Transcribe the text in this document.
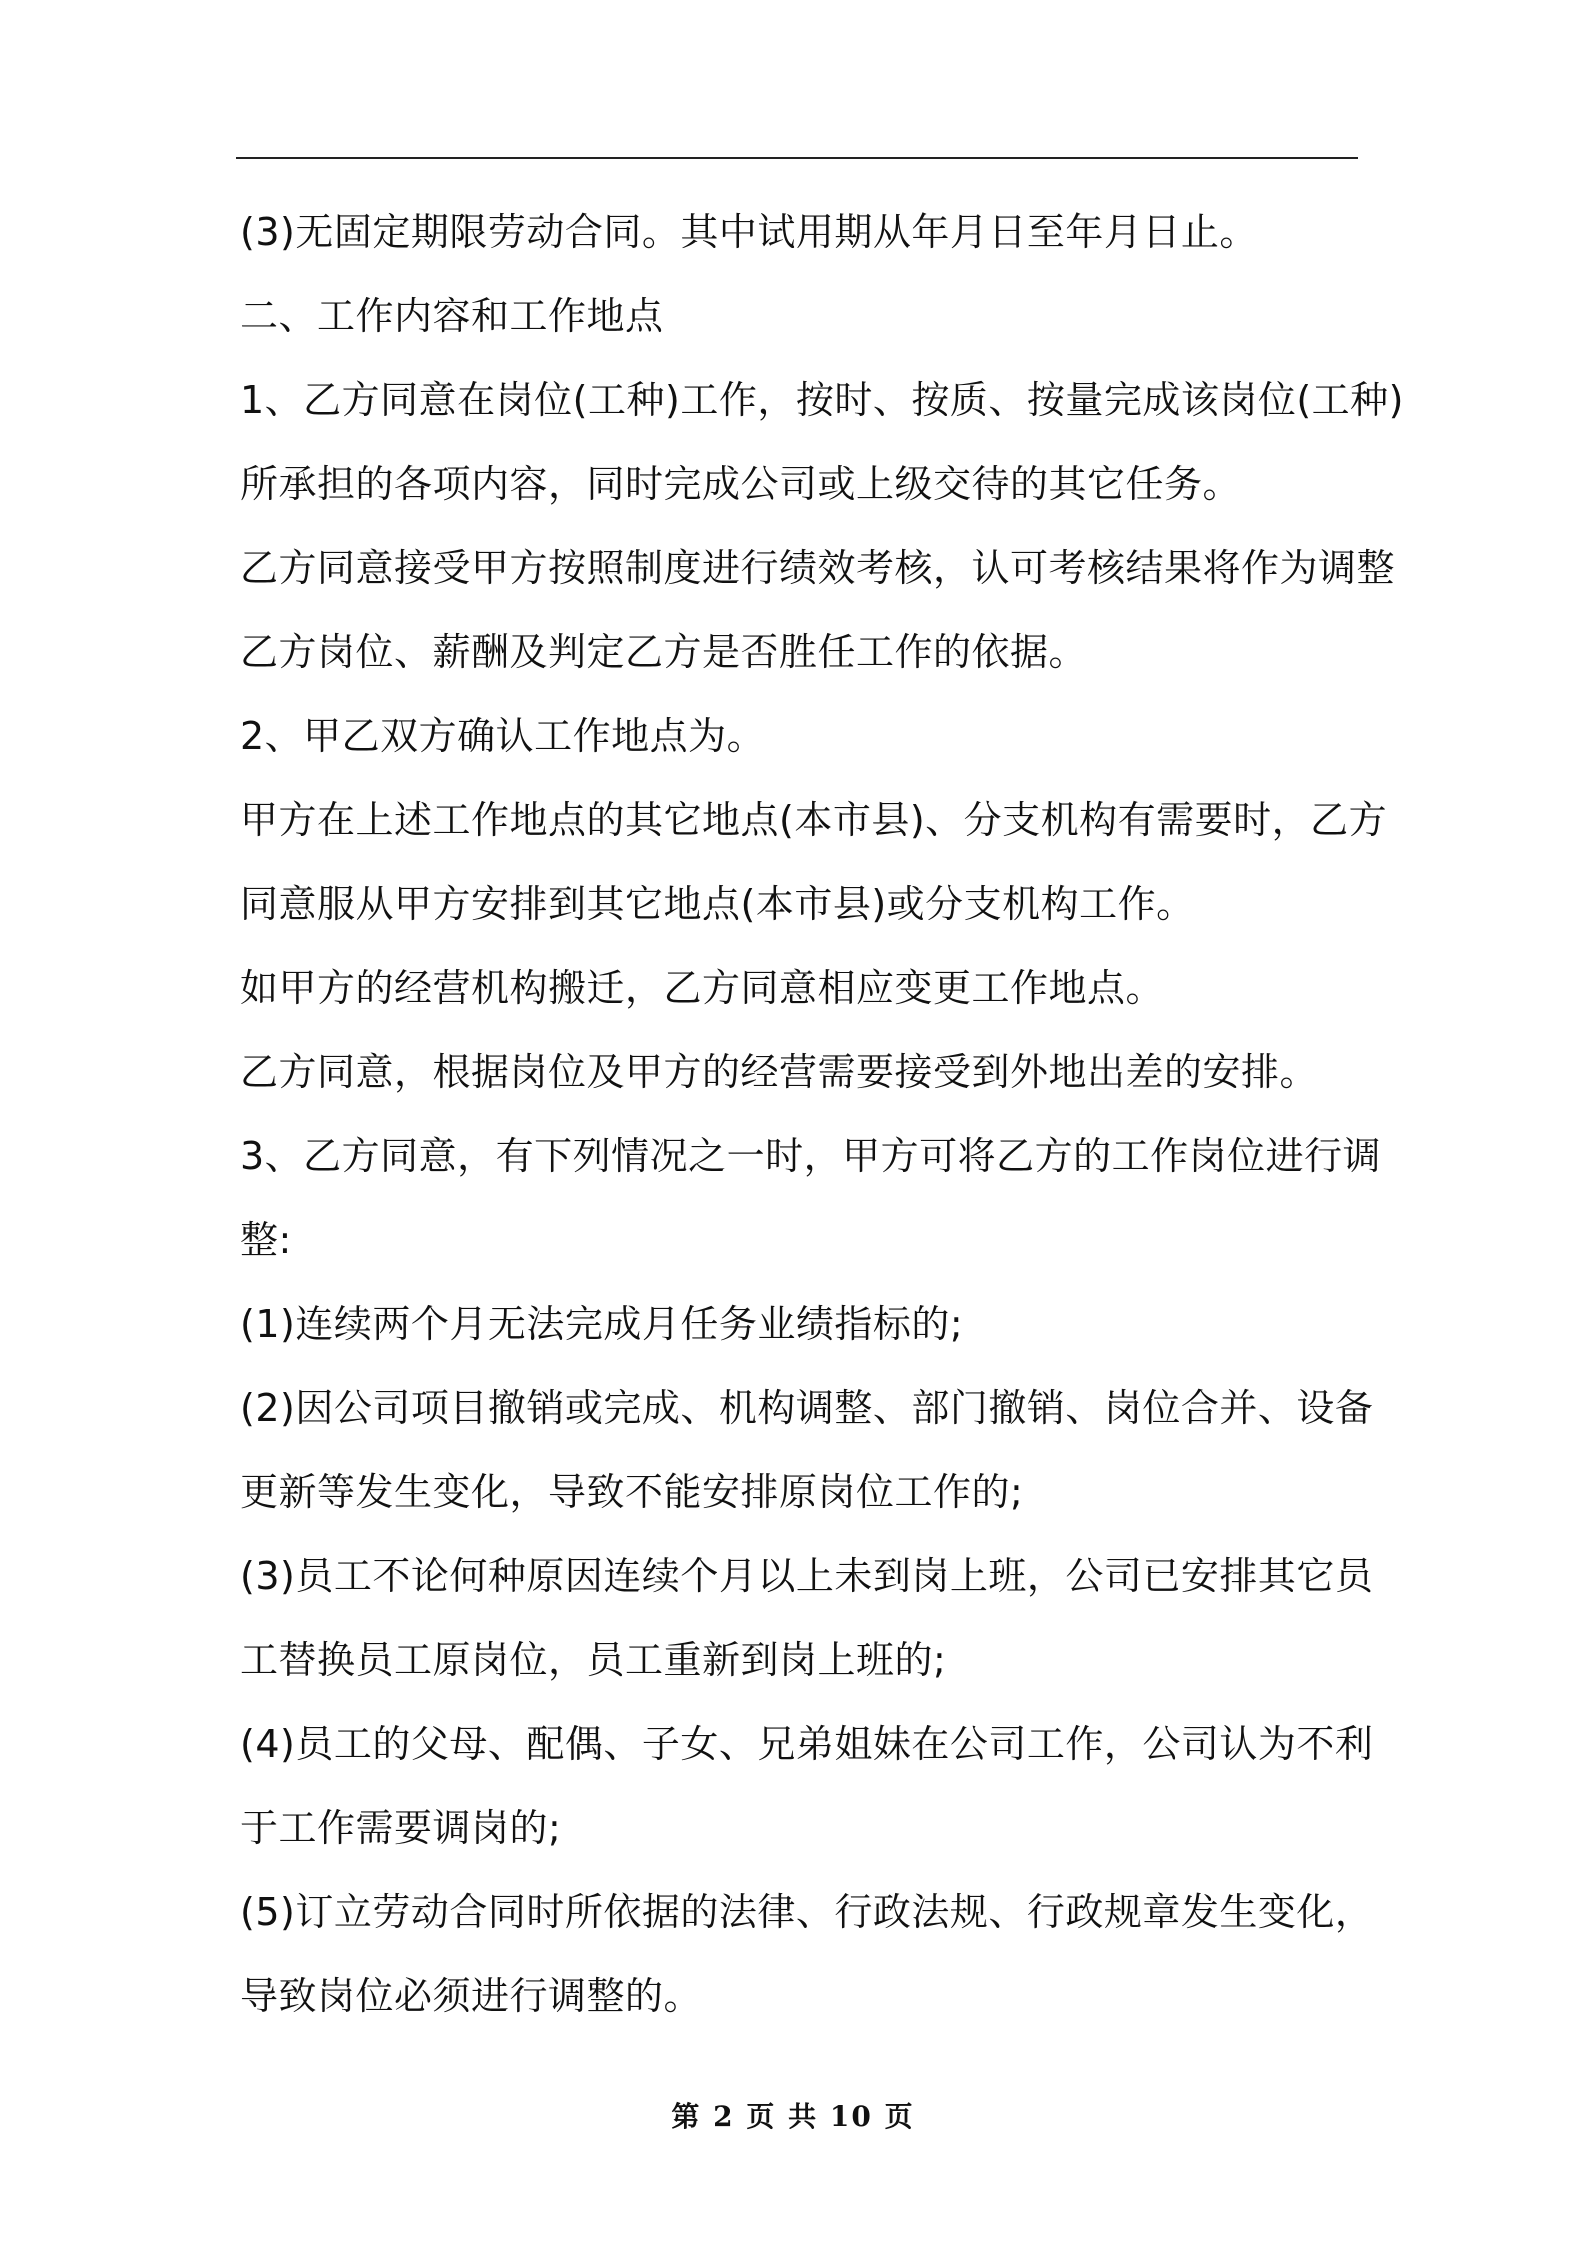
(3)无固定期限劳动合同。其中试用期从年月日至年月日止。
二、工作内容和工作地点
1、乙方同意在岗位(工种)工作，按时、按质、按量完成该岗位(工种)
所承担的各项内容，同时完成公司或上级交待的其它任务。
乙方同意接受甲方按照制度进行绩效考核，认可考核结果将作为调整
乙方岗位、薪酬及判定乙方是否胜任工作的依据。
2、甲乙双方确认工作地点为。
甲方在上述工作地点的其它地点(本市县)、分支机构有需要时，乙方
同意服从甲方安排到其它地点(本市县)或分支机构工作。
如甲方的经营机构搬迁，乙方同意相应变更工作地点。
乙方同意，根据岗位及甲方的经营需要接受到外地出差的安排。
3、乙方同意，有下列情况之一时，甲方可将乙方的工作岗位进行调
整:
(1)连续两个月无法完成月任务业绩指标的;
(2)因公司项目撤销或完成、机构调整、部门撤销、岗位合并、设备
更新等发生变化，导致不能安排原岗位工作的;
(3)员工不论何种原因连续个月以上未到岗上班，公司已安排其它员
工替换员工原岗位，员工重新到岗上班的;
(4)员工的父母、配偶、子女、兄弟姐妹在公司工作，公司认为不利
于工作需要调岗的;
(5)订立劳动合同时所依据的法律、行政法规、行政规章发生变化，
导致岗位必须进行调整的。
第 2 页 共 10 页
